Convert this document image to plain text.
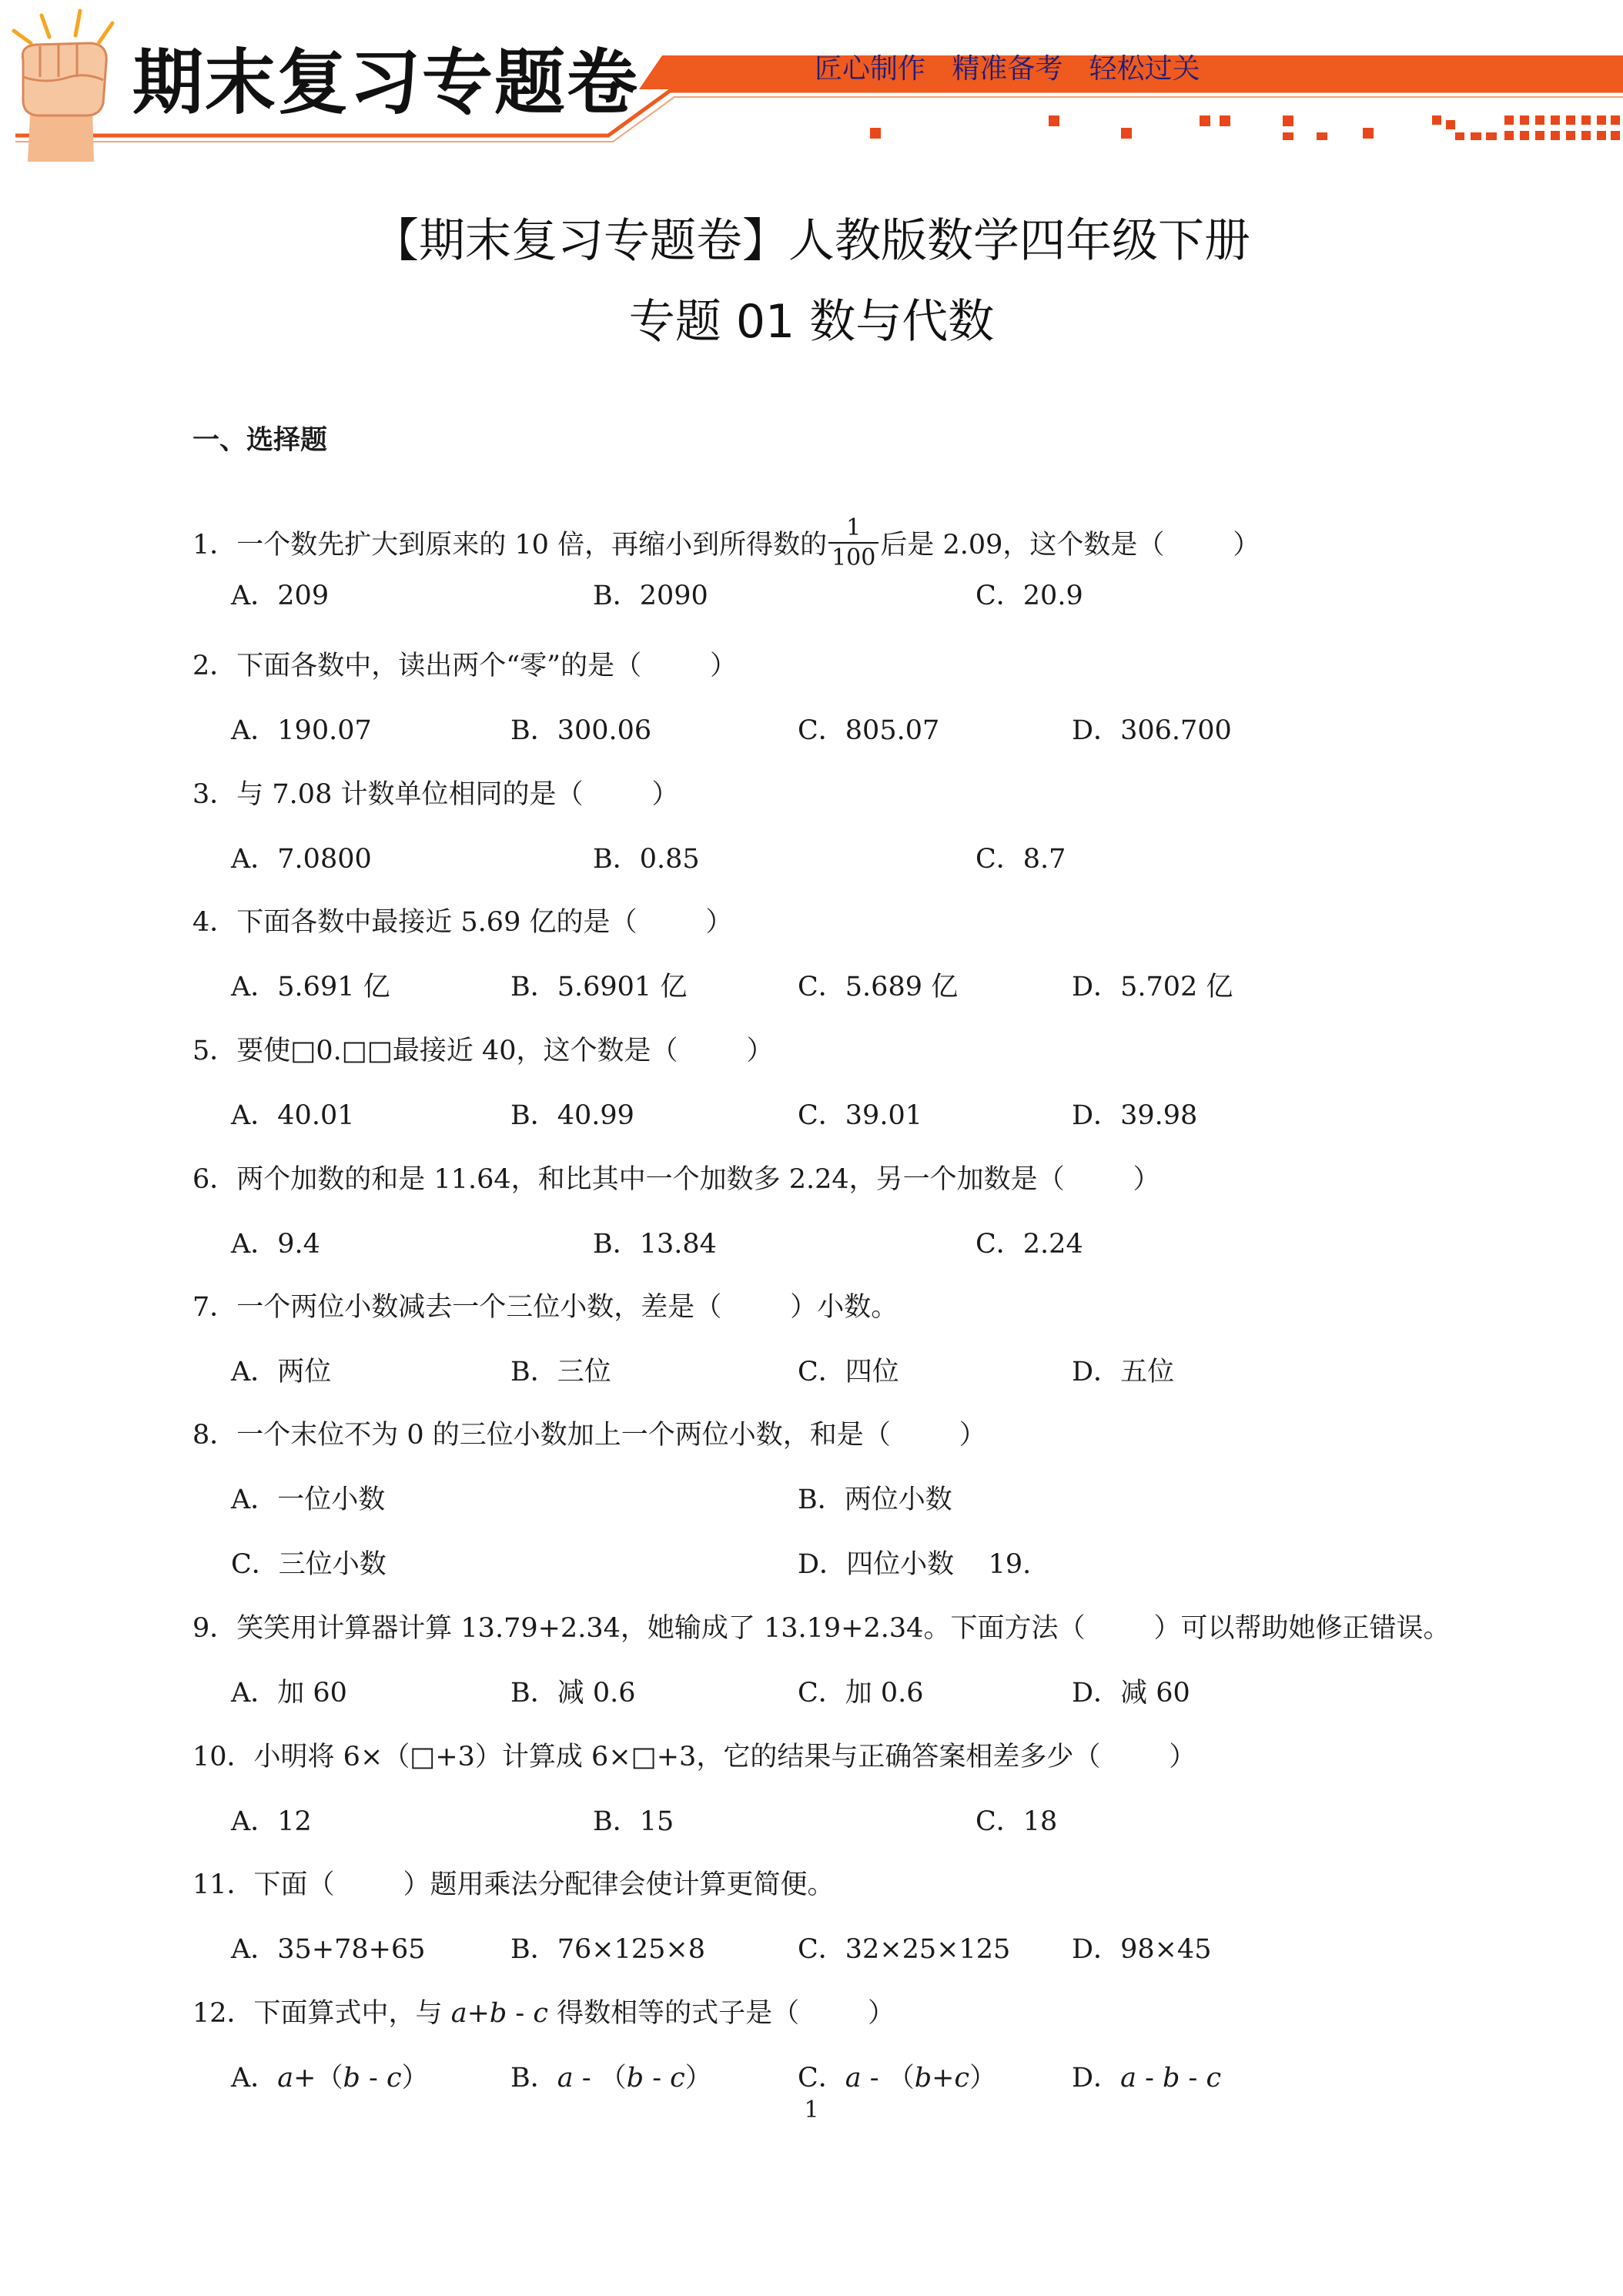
期末复习专题卷	匠心制作   精准备考   轻松过关
【期末复习专题卷】人教版数学四年级下册
专题 01 数与代数
一、选择题
1．一个数先扩大到原来的 10 倍，再缩小到所得数的 $\frac{1}{100}$ 后是 2.09，这个数是（        ）
A．209	B．2090	C．20.9
2．下面各数中，读出两个“零”的是（        ）
A．190.07	B．300.06	C．805.07	D．306.700
3．与 7.08 计数单位相同的是（        ）
A．7.0800	B．0.85	C．8.7
4．下面各数中最接近 5.69 亿的是（        ）
A．5.691 亿	B．5.6901 亿	C．5.689 亿	D．5.702 亿
5．要使□0.□□最接近 40，这个数是（        ）
A．40.01	B．40.99	C．39.01	D．39.98
6．两个加数的和是 11.64，和比其中一个加数多 2.24，另一个加数是（        ）
A．9.4	B．13.84	C．2.24
7．一个两位小数减去一个三位小数，差是（        ）小数。
A．两位	B．三位	C．四位	D．五位
8．一个末位不为 0 的三位小数加上一个两位小数，和是（        ）
A．一位小数	B．两位小数
C．三位小数	D．四位小数    19.
9．笑笑用计算器计算 13.79+2.34，她输成了 13.19+2.34。下面方法（        ）可以帮助她修正错误。
A．加 60	B．减 0.6	C．加 0.6	D．减 60
10．小明将 6×（□+3）计算成 6×□+3，它的结果与正确答案相差多少（        ）
A．12	B．15	C．18
11．下面（        ）题用乘法分配律会使计算更简便。
A．35+78+65	B．76×125×8	C．32×25×125 D．98×45
12．下面算式中，与 a+b - c 得数相等的式子是（        ）
A．a+（b - c）	B．a - （b - c）	C．a - （b+c）	D．a - b - c
1
